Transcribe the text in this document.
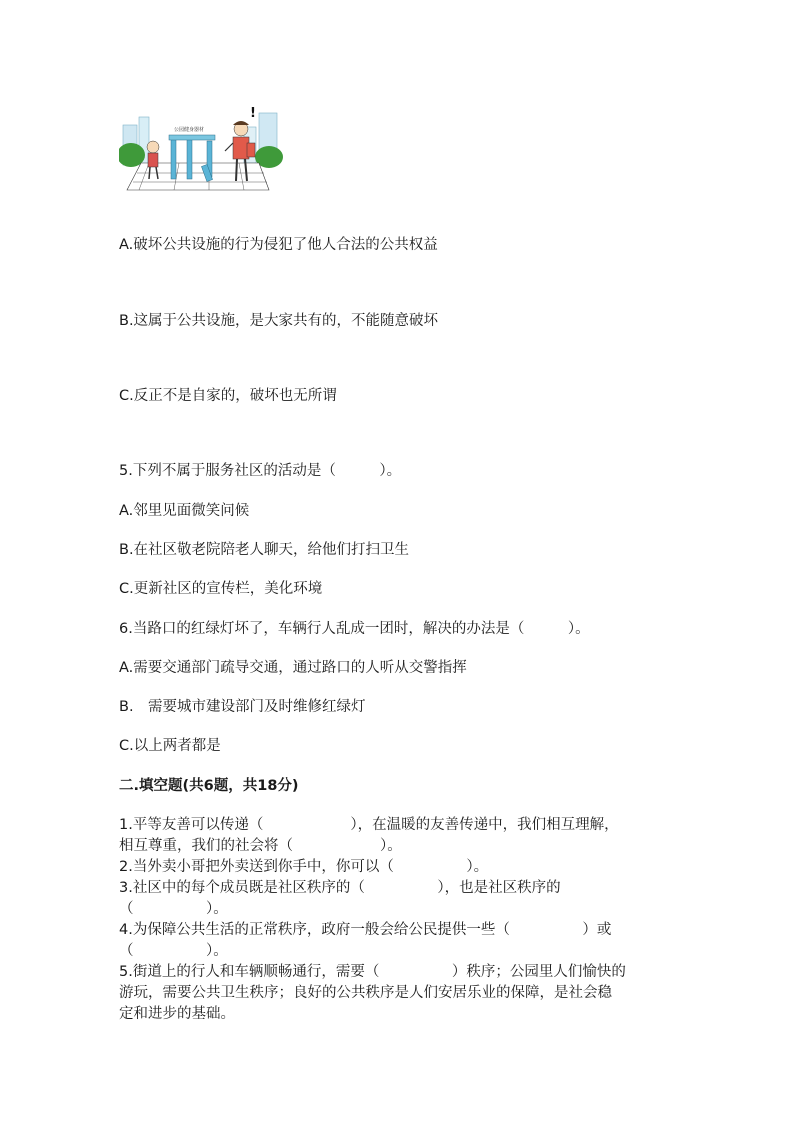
公园健身器材
!
A.破坏公共设施的行为侵犯了他人合法的公共权益
B.这属于公共设施，是大家共有的，不能随意破坏
C.反正不是自家的，破坏也无所谓
5.下列不属于服务社区的活动是（　　　）。
A.邻里见面微笑问候
B.在社区敬老院陪老人聊天，给他们打扫卫生
C.更新社区的宣传栏，美化环境
6.当路口的红绿灯坏了，车辆行人乱成一团时，解决的办法是（　　　）。
A.需要交通部门疏导交通，通过路口的人听从交警指挥
B.　需要城市建设部门及时维修红绿灯
C.以上两者都是
二.填空题(共6题，共18分)
1.平等友善可以传递（　　　　　　），在温暖的友善传递中，我们相互理解，
相互尊重，我们的社会将（　　　　　　）。
2.当外卖小哥把外卖送到你手中，你可以（　　　　　）。
3.社区中的每个成员既是社区秩序的（　　　　　），也是社区秩序的
（　　　　　）。
4.为保障公共生活的正常秩序，政府一般会给公民提供一些（　　　　　）或
（　　　　　）。
5.街道上的行人和车辆顺畅通行，需要（　　　　　）秩序；公园里人们愉快的
游玩，需要公共卫生秩序；良好的公共秩序是人们安居乐业的保障，是社会稳
定和进步的基础。
